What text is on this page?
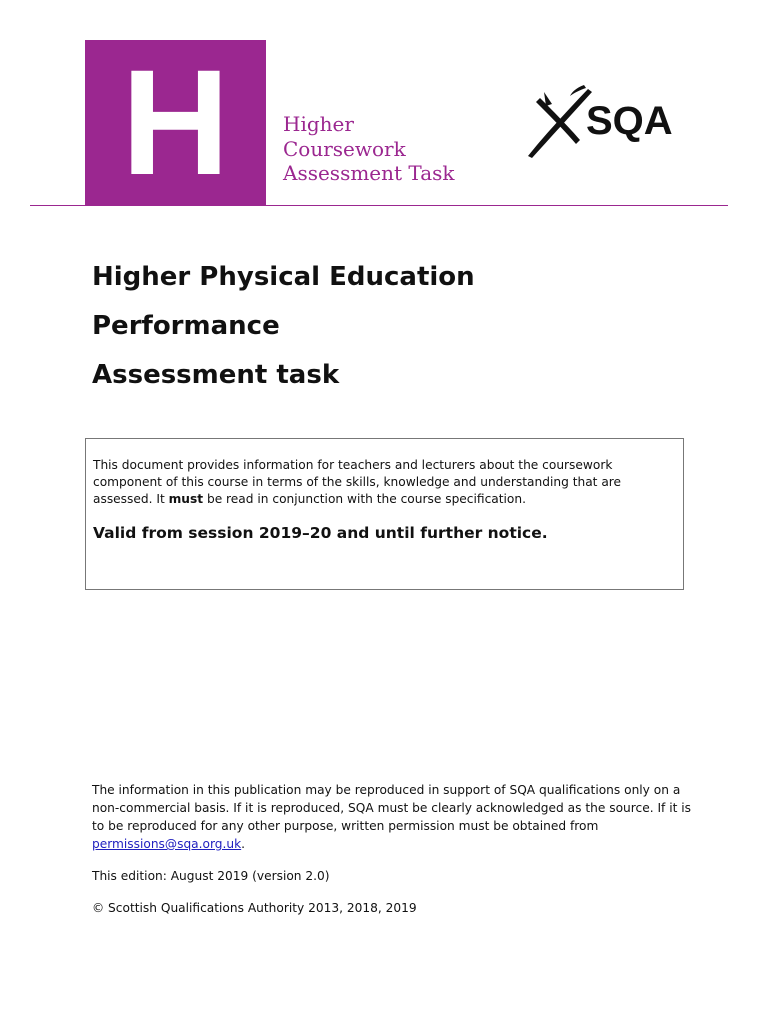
H	Higher
Coursework
Assessment Task
SQA
Higher Physical Education
Performance
Assessment task
This document provides information for teachers and lecturers about the coursework component of this course in terms of the skills, knowledge and understanding that are assessed. It must be read in conjunction with the course specification.
Valid from session 2019–20 and until further notice.

The information in this publication may be reproduced in support of SQA qualifications only on a non-commercial basis. If it is reproduced, SQA must be clearly acknowledged as the source. If it is to be reproduced for any other purpose, written permission must be obtained from permissions@sqa.org.uk.

This edition: August 2019 (version 2.0)

© Scottish Qualifications Authority 2013, 2018, 2019
